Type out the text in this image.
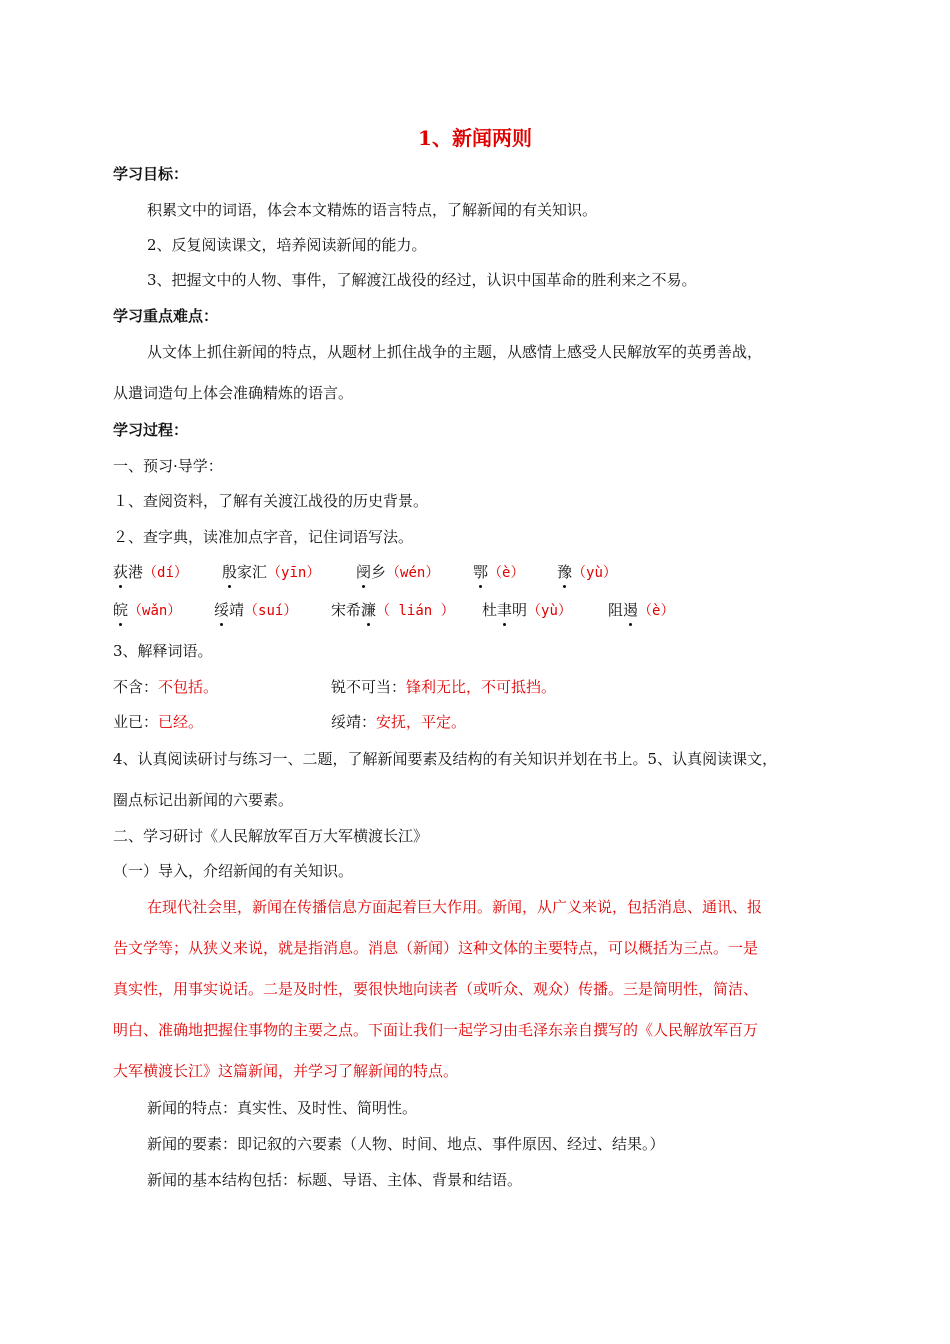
1、新闻两则
学习目标：
积累文中的词语，体会本文精炼的语言特点，了解新闻的有关知识。
2、反复阅读课文，培养阅读新闻的能力。
3、把握文中的人物、事件，了解渡江战役的经过，认识中国革命的胜利来之不易。
学习重点难点：
从文体上抓住新闻的特点，从题材上抓住战争的主题，从感情上感受人民解放军的英勇善战，
从遣词造句上体会准确精炼的语言。
学习过程：
一、预习·导学：
１、查阅资料，了解有关渡江战役的历史背景。
２、查字典，读准加点字音，记住词语写法。
荻港（dí） 殷家汇（yīn） 阌乡（wén） 鄂（è） 豫（yù）
皖（wǎn） 绥靖（suí） 宋希濂（ lián ） 杜聿明（yù） 阻遏（è）
3、解释词语。
不含：不包括。	锐不可当：锋利无比，不可抵挡。
业已：已经。	绥靖：安抚，平定。
4、认真阅读研讨与练习一、二题，了解新闻要素及结构的有关知识并划在书上。5、认真阅读课文，
圈点标记出新闻的六要素。
二、学习研讨《人民解放军百万大军横渡长江》
（一）导入，介绍新闻的有关知识。
在现代社会里，新闻在传播信息方面起着巨大作用。新闻，从广义来说，包括消息、通讯、报
告文学等；从狭义来说，就是指消息。消息（新闻）这种文体的主要特点，可以概括为三点。一是
真实性，用事实说话。二是及时性，要很快地向读者（或听众、观众）传播。三是简明性，简洁、
明白、准确地把握住事物的主要之点。下面让我们一起学习由毛泽东亲自撰写的《人民解放军百万
大军横渡长江》这篇新闻，并学习了解新闻的特点。
新闻的特点：真实性、及时性、简明性。
新闻的要素：即记叙的六要素（人物、时间、地点、事件原因、经过、结果。）
新闻的基本结构包括：标题、导语、主体、背景和结语。
